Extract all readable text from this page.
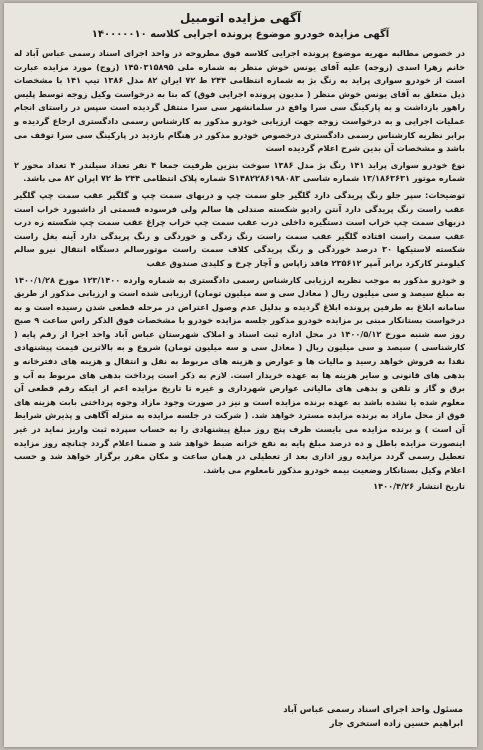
آگهی مزایده اتومبیل
آگهی مزایده خودرو موضوع پرونده اجرایی کلاسه ۱۴۰۰۰۰۰۱۰

در خصوص مطالبه مهریه موضوع پرونده اجرایی کلاسه فوق مطروحه در واحد اجرای اسناد رسمی عباس آباد له خانم زهرا اسدی (زوجه) علیه آقای یونس خوش منظر به شماره ملی ۱۴۵۰۳۱۵۸۹۵ (زوج) مورد مزایده عبارت است از خودرو سواری پراید به رنگ بژ به شماره انتظامی ۲۴۴ ط ۷۲ ایران ۸۲ مدل ۱۳۸۶ تیپ ۱۴۱ با مشخصات ذیل متعلق به آقای یونس خوش منظر ( مدیون پرونده اجرایی فوق) که بنا به درخواست وکیل زوجه توسط پلیس راهور بازداشت و به پارکینگ سی سرا واقع در سلمانشهر سی سرا منتقل گردیده است سپس در راستای انجام عملیات اجرایی و به درخواست زوجه جهت ارزیابی خودرو مذکور به کارشناس رسمی دادگستری ارجاع گردیده و برابر نظریه کارشناس رسمی دادگستری درخصوص خودرو مذکور در هنگام بازدید در پارکینگ سی سرا توقف می باشد و مشخصات آن بدین شرح اعلام گردیده است

نوع خودرو سواری پراید ۱۴۱ رنگ بژ مدل ۱۳۸۶ سوخت بنزین ظرفیت جمعا ۴ نفر تعداد سیلندر ۴ تعداد محور ۲ شماره موتور ۱۳/۱۸۶۳۶۳۱ شماره شاسی S۱۴۸۲۲۸۶۱۹۸۰۸۳ شماره پلاک انتظامی ۲۴۴ ط ۷۲ ایران ۸۲ می باشد.

توضیحات: سپر جلو رنگ پریدگی دارد گلگیر جلو سمت چپ و دربهای سمت چپ و گلگیر عقب سمت چپ گلگیر عقب راست رنگ پریدگی دارد آنتن رادیو شکسته صندلی ها سالم ولی فرسوده قسمتی از داشبورد خراب است دربهای سمت چپ خراب است دستگیره داخلی درب عقب سمت چپ خراب چراغ عقب سمت چپ شکسته زه درب عقب سمت راست افتاده گلگیر عقب سمت راست رنگ زدگی و خوردگی و رنگ پریدگی دارد آینه بغل راست شکسته لاستیکها ۳۰ درصد خوردگی و رنگ پریدگی کلاف سمت راست موتورسالم دستگاه انتقال نیرو سالم کیلومتر کارکرد برابر آمپر ۲۳۵۶۱۲ فاقد زاپاس و آچار چرخ و کلیدی صندوق عقب

و خودرو مذکور به موجب نظریه ارزیابی کارشناس رسمی دادگستری به شماره وارده ۱۲۳/۱۴۰۰ مورخ ۱۴۰۰/۱/۲۸ به مبلغ سیصد و سی میلیون ریال ( معادل سی و سه میلیون تومان) ارزیابی شده است و ارزیابی مذکور از طریق سامانه ابلاغ به طرفین پرونده ابلاغ گردیده و بدلیل عدم وصول اعتراض در مرحله قطعی شدن رسیده است و به درخواست بستانکار مبنی بر مزایده خودرو مذکور جلسه مزایده خودرو با مشخصات فوق الذکر راس ساعت ۹ صبح روز سه شنبه مورخ ۱۴۰۰/۵/۱۲ در محل اداره ثبت اسناد و املاک شهرستان عباس آباد واحد اجرا از رقم پایه ( کارشناسی ) سیصد و سی میلیون ریال ( معادل سی و سه میلیون تومان) شروع و به بالاترین قیمت پیشنهادی نقدا به فروش خواهد رسید و مالیات ها و عوارض و هزینه های مربوط به نقل و انتقال و هزینه های دفترخانه و بدهی های قانونی و سایر هزینه ها به عهده خریدار است. لازم به ذکر است پرداخت بدهی های مربوط به آب و برق و گاز و تلفن و بدهی های مالیاتی عوارض شهرداری و غیره تا تاریخ مزایده اعم از اینکه رقم قطعی آن معلوم شده یا نشده باشد به عهده برنده مزایده است و نیز در صورت وجود مازاد وجوه پرداختی بابت هزینه های فوق از محل مازاد به برنده مزایده مسترد خواهد شد. ( شرکت در جلسه مزایده به منزله آگاهی و پذیرش شرایط آن است ) و برنده مزایده می بایست ظرف پنج روز مبلغ پیشنهادی را به حساب سپرده ثبت واریز نماید در غیر اینصورت مزایده باطل و ده درصد مبلغ پایه به نفع خزانه ضبط خواهد شد و ضمنا اعلام گردد چنانچه روز مزایده تعطیل رسمی گردد مزایده روز اداری بعد از تعطیلی در همان ساعت و مکان مقرر برگزار خواهد شد و حسب اعلام وکیل بستانکار وضعیت بیمه خودرو مذکور نامعلوم می باشد.

تاریخ انتشار ۱۴۰۰/۴/۲۶

مسئول واحد اجرای اسناد رسمی عباس آباد
ابراهیم حسین زاده استخری جار
